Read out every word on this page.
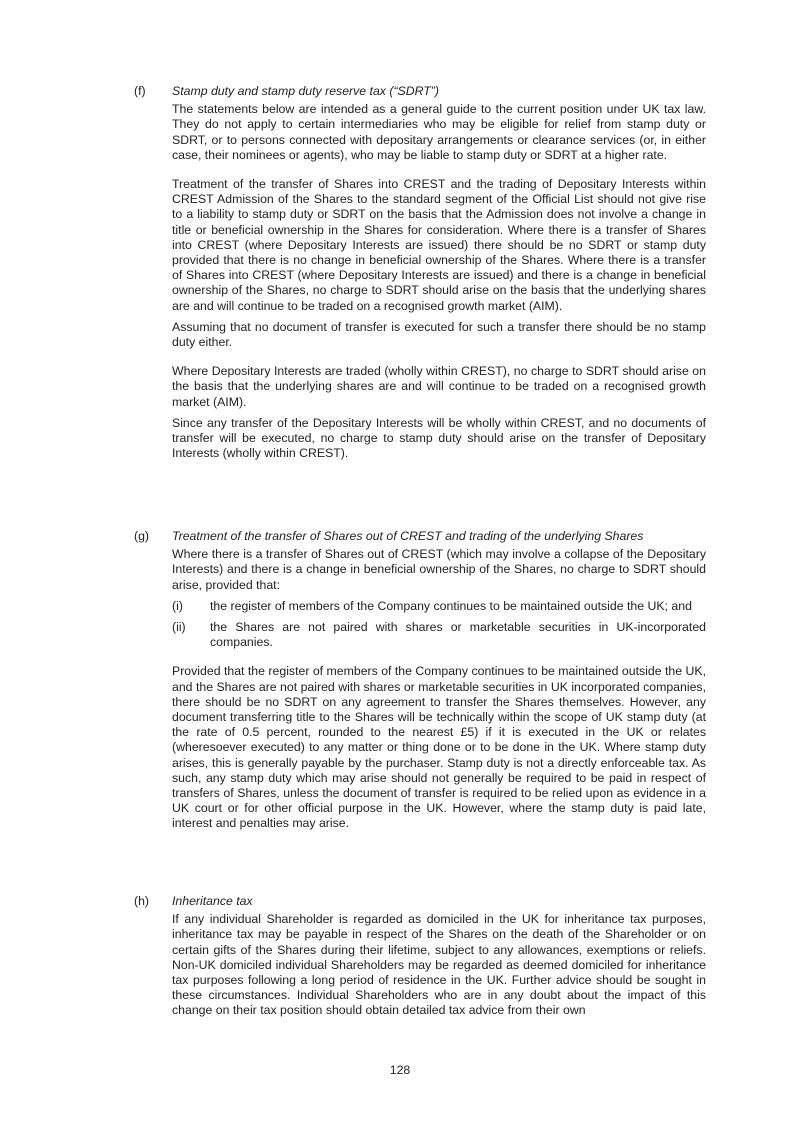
(f) Stamp duty and stamp duty reserve tax (“SDRT”)

The statements below are intended as a general guide to the current position under UK tax law. They do not apply to certain intermediaries who may be eligible for relief from stamp duty or SDRT, or to persons connected with depositary arrangements or clearance services (or, in either case, their nominees or agents), who may be liable to stamp duty or SDRT at a higher rate.

Treatment of the transfer of Shares into CREST and the trading of Depositary Interests within CREST Admission of the Shares to the standard segment of the Official List should not give rise to a liability to stamp duty or SDRT on the basis that the Admission does not involve a change in title or beneficial ownership in the Shares for consideration. Where there is a transfer of Shares into CREST (where Depositary Interests are issued) there should be no SDRT or stamp duty provided that there is no change in beneficial ownership of the Shares. Where there is a transfer of Shares into CREST (where Depositary Interests are issued) and there is a change in beneficial ownership of the Shares, no charge to SDRT should arise on the basis that the underlying shares are and will continue to be traded on a recognised growth market (AIM).

Assuming that no document of transfer is executed for such a transfer there should be no stamp duty either.

Where Depositary Interests are traded (wholly within CREST), no charge to SDRT should arise on the basis that the underlying shares are and will continue to be traded on a recognised growth market (AIM).

Since any transfer of the Depositary Interests will be wholly within CREST, and no documents of transfer will be executed, no charge to stamp duty should arise on the transfer of Depositary Interests (wholly within CREST).

(g) Treatment of the transfer of Shares out of CREST and trading of the underlying Shares

Where there is a transfer of Shares out of CREST (which may involve a collapse of the Depositary Interests) and there is a change in beneficial ownership of the Shares, no charge to SDRT should arise, provided that:

(i) the register of members of the Company continues to be maintained outside the UK; and

(ii) the Shares are not paired with shares or marketable securities in UK-incorporated companies.

Provided that the register of members of the Company continues to be maintained outside the UK, and the Shares are not paired with shares or marketable securities in UK incorporated companies, there should be no SDRT on any agreement to transfer the Shares themselves. However, any document transferring title to the Shares will be technically within the scope of UK stamp duty (at the rate of 0.5 percent, rounded to the nearest £5) if it is executed in the UK or relates (wheresoever executed) to any matter or thing done or to be done in the UK. Where stamp duty arises, this is generally payable by the purchaser. Stamp duty is not a directly enforceable tax. As such, any stamp duty which may arise should not generally be required to be paid in respect of transfers of Shares, unless the document of transfer is required to be relied upon as evidence in a UK court or for other official purpose in the UK. However, where the stamp duty is paid late, interest and penalties may arise.

(h) Inheritance tax

If any individual Shareholder is regarded as domiciled in the UK for inheritance tax purposes, inheritance tax may be payable in respect of the Shares on the death of the Shareholder or on certain gifts of the Shares during their lifetime, subject to any allowances, exemptions or reliefs. Non-UK domiciled individual Shareholders may be regarded as deemed domiciled for inheritance tax purposes following a long period of residence in the UK. Further advice should be sought in these circumstances. Individual Shareholders who are in any doubt about the impact of this change on their tax position should obtain detailed tax advice from their own

128
